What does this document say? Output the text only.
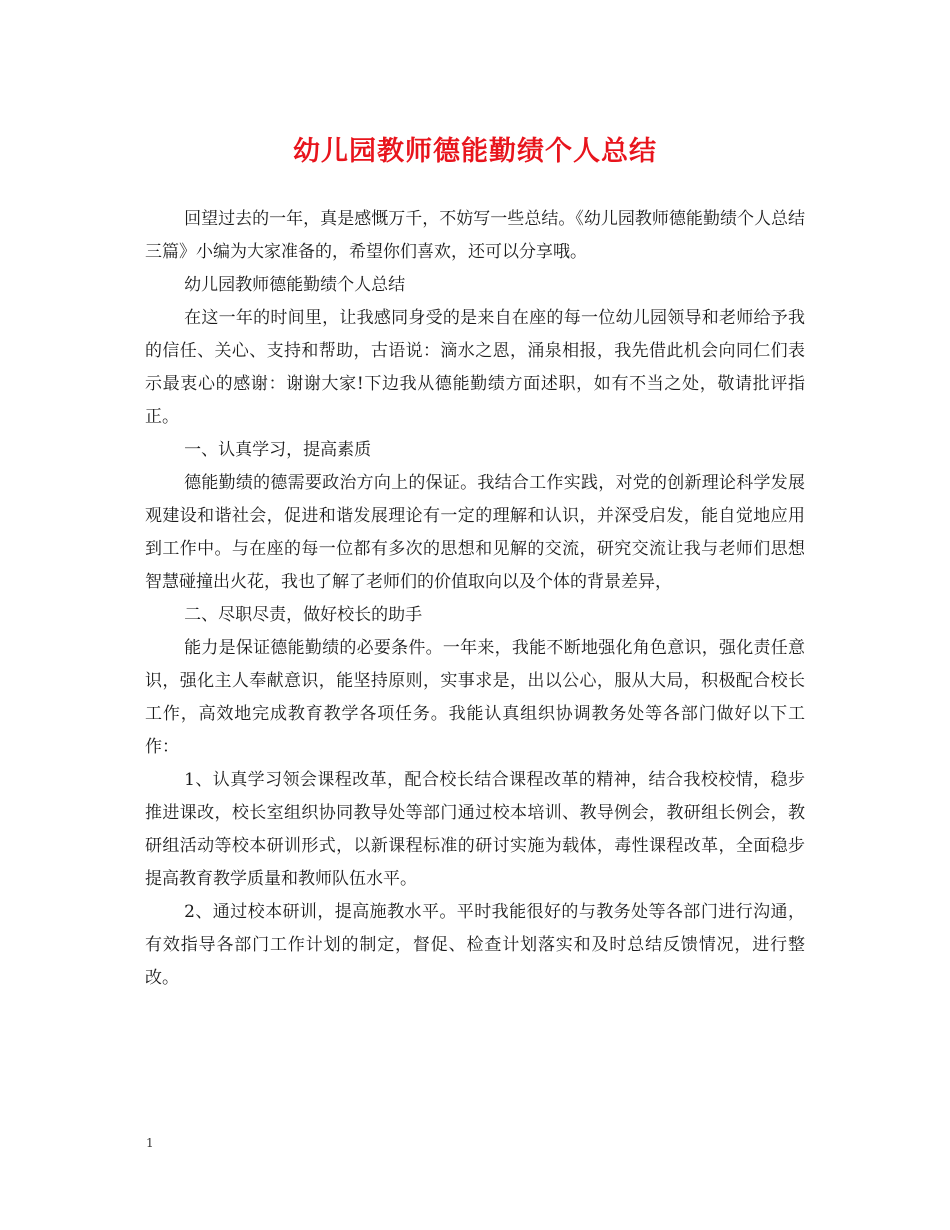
幼儿园教师德能勤绩个人总结

回望过去的一年，真是感慨万千，不妨写一些总结。《幼儿园教师德能勤绩个人总结三篇》小编为大家准备的，希望你们喜欢，还可以分享哦。

幼儿园教师德能勤绩个人总结

在这一年的时间里，让我感同身受的是来自在座的每一位幼儿园领导和老师给予我的信任、关心、支持和帮助，古语说：滴水之恩，涌泉相报，我先借此机会向同仁们表示最衷心的感谢：谢谢大家!下边我从德能勤绩方面述职，如有不当之处，敬请批评指正。

一、认真学习，提高素质

德能勤绩的德需要政治方向上的保证。我结合工作实践，对党的创新理论科学发展观建设和谐社会，促进和谐发展理论有一定的理解和认识，并深受启发，能自觉地应用到工作中。与在座的每一位都有多次的思想和见解的交流，研究交流让我与老师们思想智慧碰撞出火花，我也了解了老师们的价值取向以及个体的背景差异，

二、尽职尽责，做好校长的助手

能力是保证德能勤绩的必要条件。一年来，我能不断地强化角色意识，强化责任意识，强化主人奉献意识，能坚持原则，实事求是，出以公心，服从大局，积极配合校长工作，高效地完成教育教学各项任务。我能认真组织协调教务处等各部门做好以下工作：

1、认真学习领会课程改革，配合校长结合课程改革的精神，结合我校校情，稳步推进课改，校长室组织协同教导处等部门通过校本培训、教导例会，教研组长例会，教研组活动等校本研训形式，以新课程标准的研讨实施为载体，毒性课程改革，全面稳步提高教育教学质量和教师队伍水平。

2、通过校本研训，提高施教水平。平时我能很好的与教务处等各部门进行沟通，有效指导各部门工作计划的制定，督促、检查计划落实和及时总结反馈情况，进行整改。

1
